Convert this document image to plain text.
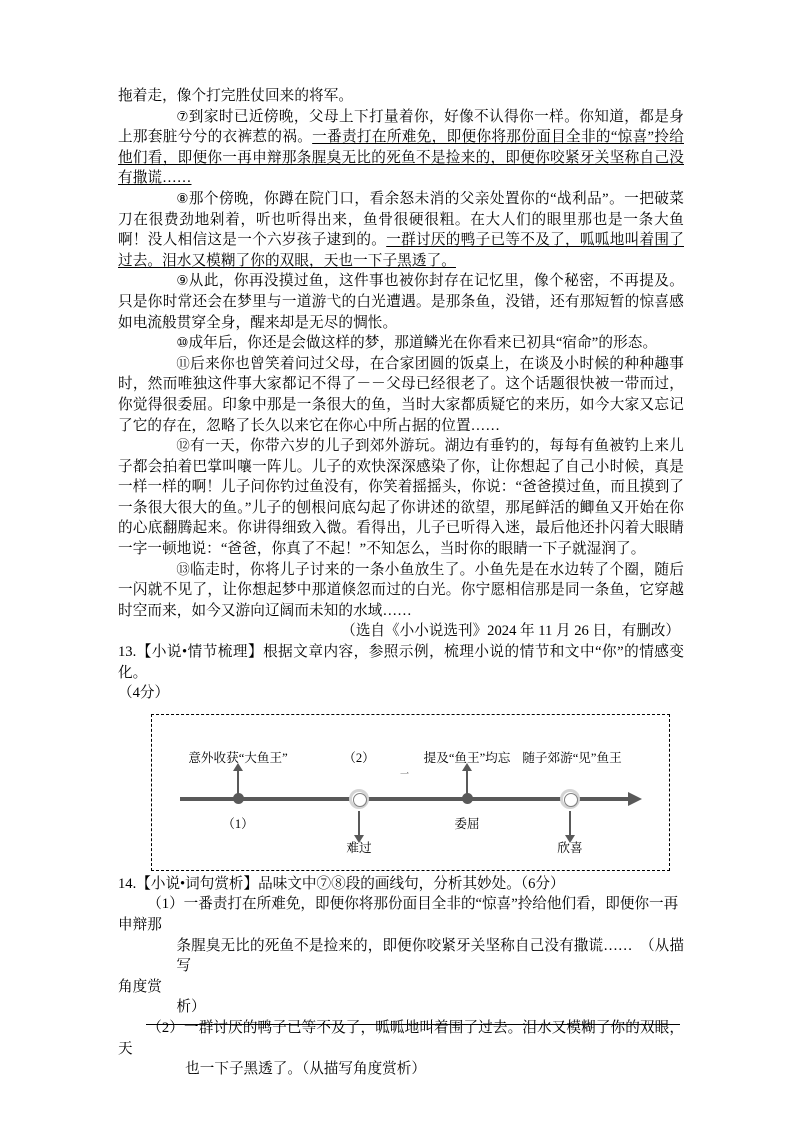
拖着走，像个打完胜仗回来的将军。

⑦到家时已近傍晚，父母上下打量着你，好像不认得你一样。你知道，都是身上那套脏兮兮的衣裤惹的祸。一番责打在所难免，即便你将那份面目全非的“惊喜”拎给他们看，即便你一再申辩那条腥臭无比的死鱼不是捡来的，即便你咬紧牙关坚称自己没有撒谎……

⑧那个傍晚，你蹲在院门口，看余怒未消的父亲处置你的“战利品”。一把破菜刀在很费劲地剁着，听也听得出来，鱼骨很硬很粗。在大人们的眼里那也是一条大鱼啊！没人相信这是一个六岁孩子逮到的。一群讨厌的鸭子已等不及了，呱呱地叫着围了过去。泪水又模糊了你的双眼，天也一下子黑透了。

⑨从此，你再没摸过鱼，这件事也被你封存在记忆里，像个秘密，不再提及。只是你时常还会在梦里与一道游弋的白光遭遇。是那条鱼，没错，还有那短暂的惊喜感如电流般贯穿全身，醒来却是无尽的惆怅。

⑩成年后，你还是会做这样的梦，那道鳞光在你看来已初具“宿命”的形态。

⑪后来你也曾笑着问过父母，在合家团圆的饭桌上，在谈及小时候的种种趣事时，然而唯独这件事大家都记不得了－－父母已经很老了。这个话题很快被一带而过，你觉得很委屈。印象中那是一条很大的鱼，当时大家都质疑它的来历，如今大家又忘记了它的存在，忽略了长久以来它在你心中所占据的位置……

⑫有一天，你带六岁的儿子到郊外游玩。湖边有垂钓的，每每有鱼被钓上来儿子都会拍着巴掌叫嚷一阵儿。儿子的欢快深深感染了你，让你想起了自己小时候，真是一样一样的啊！儿子问你钓过鱼没有，你笑着摇摇头，你说：“爸爸摸过鱼，而且摸到了一条很大很大的鱼。”儿子的刨根问底勾起了你讲述的欲望，那尾鲜活的鲫鱼又开始在你的心底翻腾起来。你讲得细致入微。看得出，儿子已听得入迷，最后他还扑闪着大眼睛一字一顿地说：“爸爸，你真了不起！”不知怎么，当时你的眼睛一下子就湿润了。

⑬临走时，你将儿子讨来的一条小鱼放生了。小鱼先是在水边转了个圈，随后一闪就不见了，让你想起梦中那道倏忽而过的白光。你宁愿相信那是同一条鱼，它穿越时空而来，如今又游向辽阔而未知的水域……

（选自《小小说选刊》2024 年 11 月 26 日，有删改）

13.【小说•情节梳理】根据文章内容，参照示例，梳理小说的情节和文中“你”的情感变化。

（4分）

意外收获“大鱼王”
（1）
（2）
难过
提及“鱼王”均忘
一
委屈
随子郊游“见”鱼王
欣喜

14.【小说•词句赏析】品味文中⑦⑧段的画线句，分析其妙处。（6分）

（1）一番责打在所难免，即便你将那份面目全非的“惊喜”拎给他们看，即便你一再

申辩那

条腥臭无比的死鱼不是捡来的，即便你咬紧牙关坚称自己没有撒谎……　（从描写

角度赏

析）

（2）一群讨厌的鸭子已等不及了，呱呱地叫着围了过去。泪水又模糊了你的双眼，天

也一下子黑透了。（从描写角度赏析）
